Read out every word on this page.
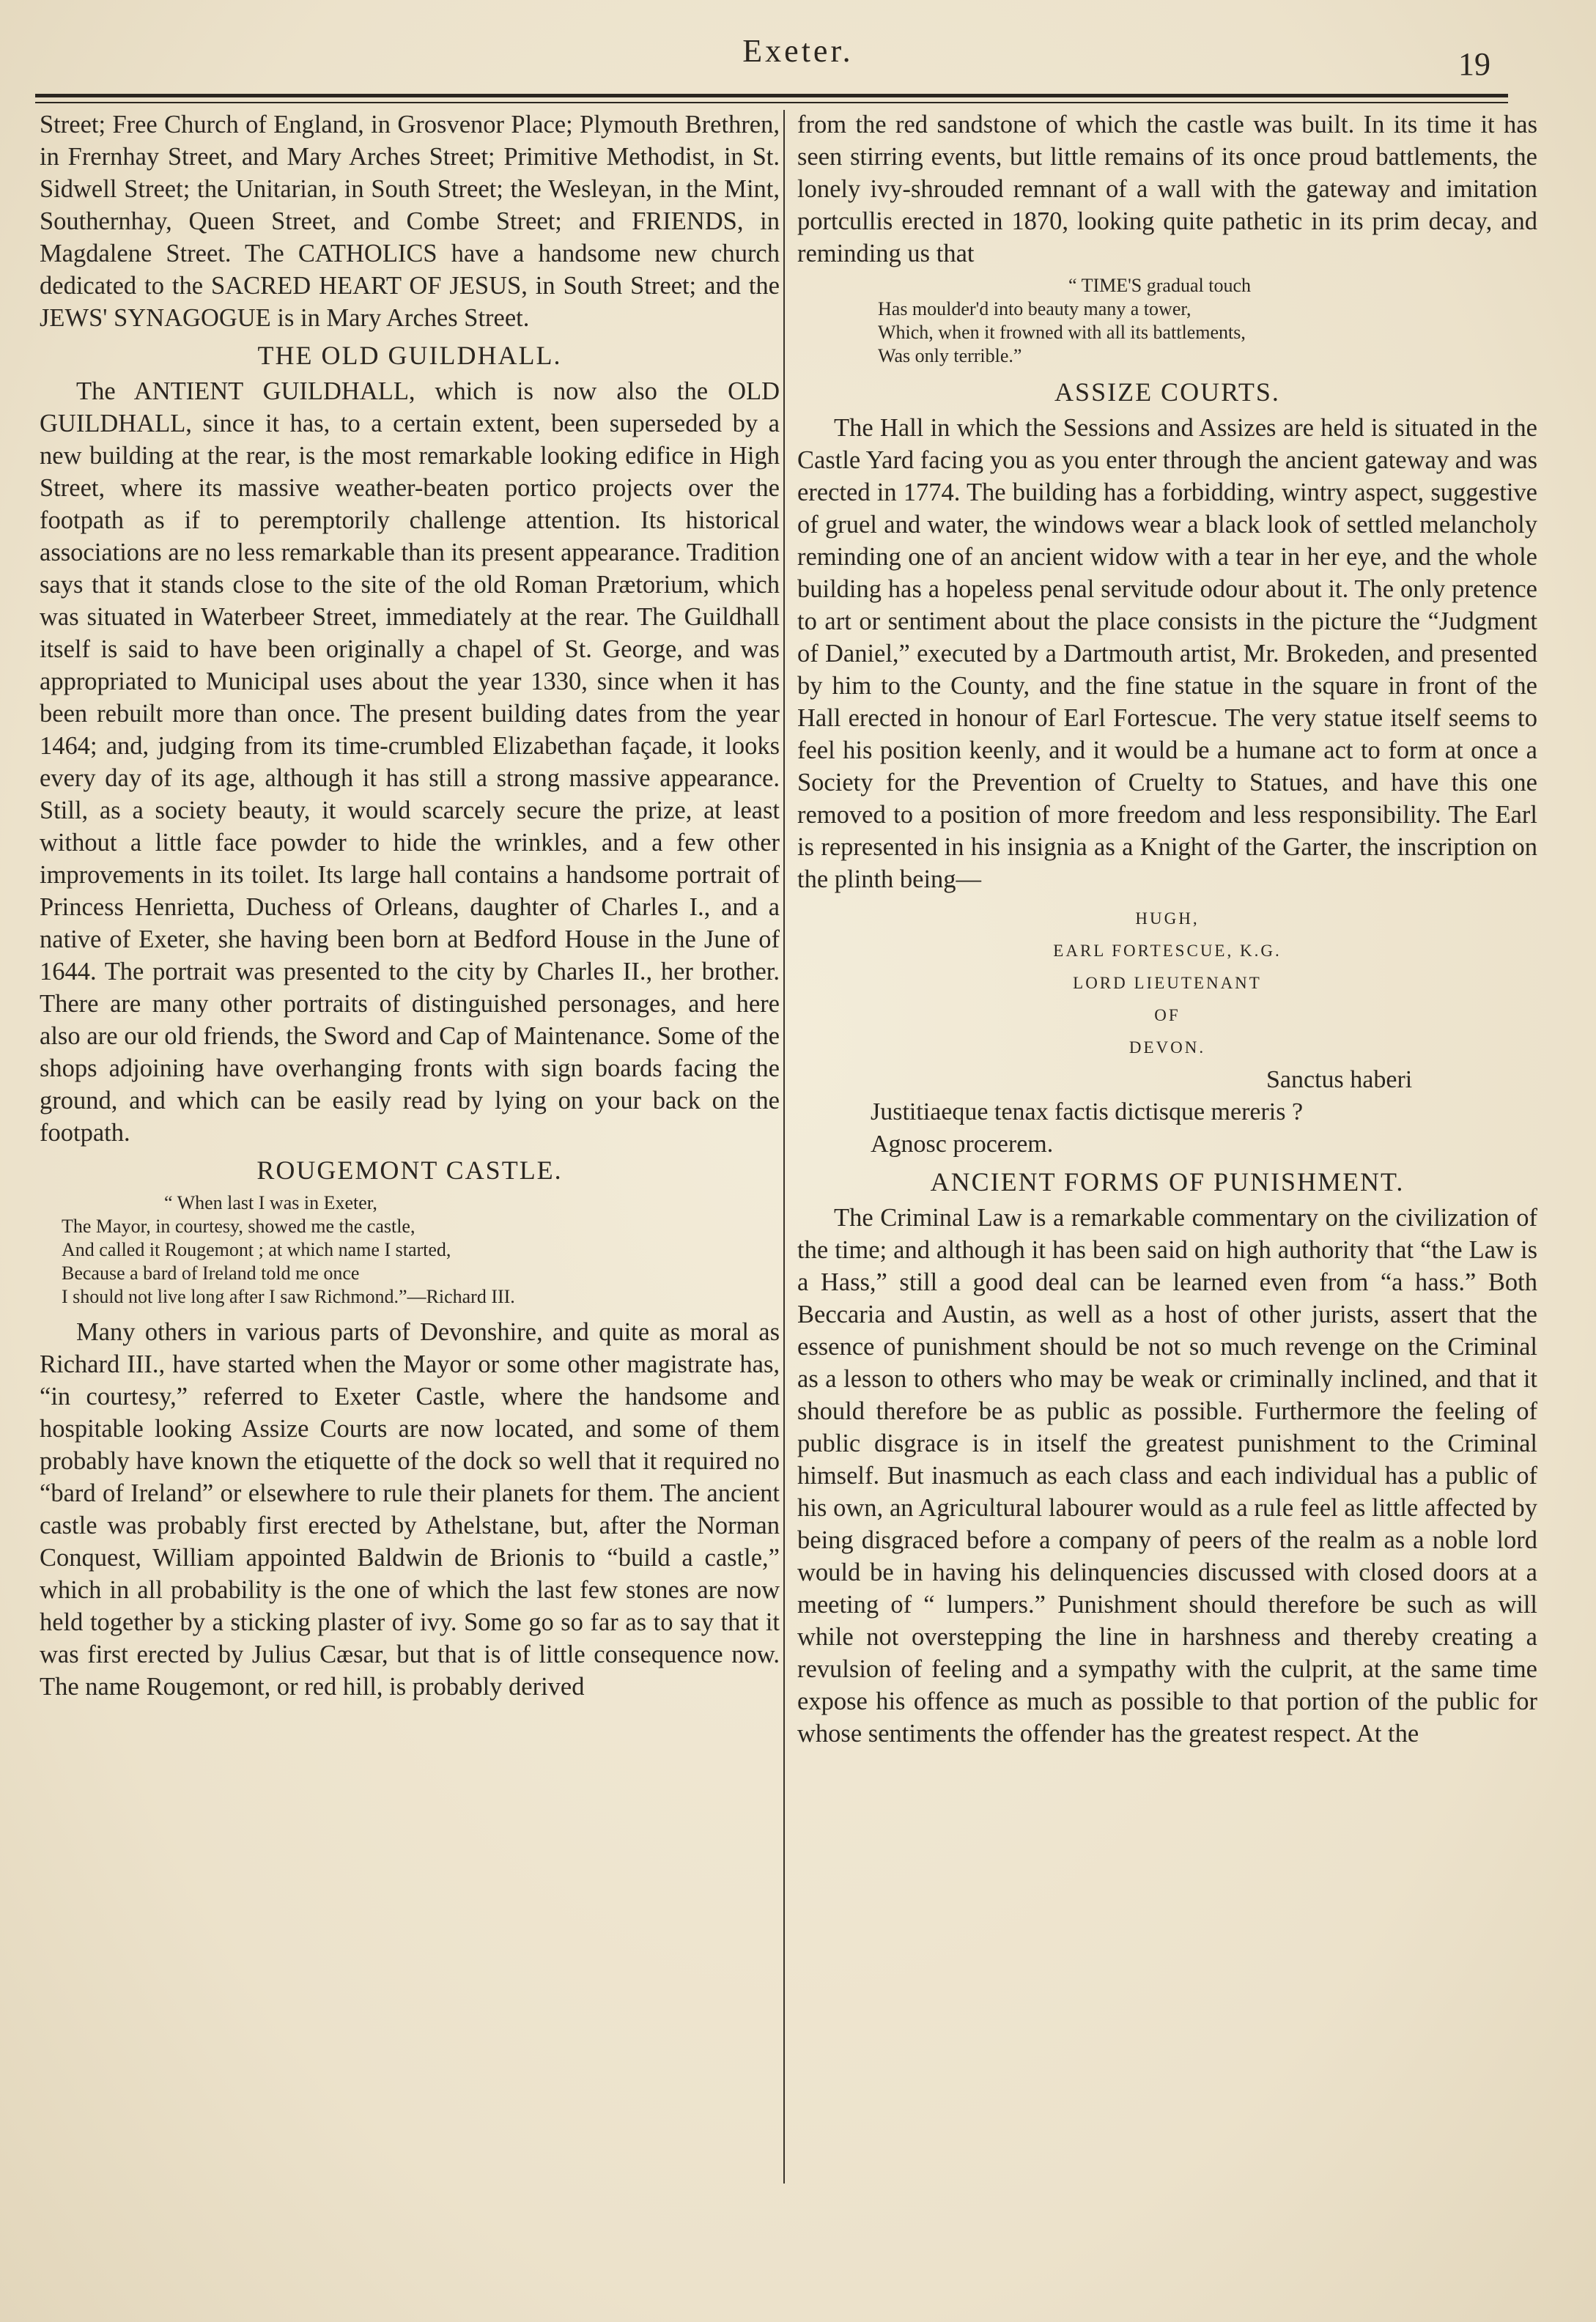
Exeter.	19

Street; Free Church of England, in Grosvenor Place; Plymouth Brethren, in Frernhay Street, and Mary Arches Street; Primitive Methodist, in St. Sidwell Street; the Unitarian, in South Street; the Wesleyan, in the Mint, Southernhay, Queen Street, and Combe Street; and FRIENDS, in Magdalene Street. The CATHOLICS have a handsome new church dedicated to the SACRED HEART OF JESUS, in South Street; and the JEWS' SYNAGOGUE is in Mary Arches Street.

THE OLD GUILDHALL.

The ANTIENT GUILDHALL, which is now also the OLD GUILDHALL, since it has, to a certain extent, been superseded by a new building at the rear, is the most remarkable looking edifice in High Street, where its massive weather-beaten portico projects over the footpath as if to peremptorily challenge attention. Its historical associations are no less remarkable than its present appearance. Tradition says that it stands close to the site of the old Roman Prætorium, which was situated in Waterbeer Street, immediately at the rear. The Guildhall itself is said to have been originally a chapel of St. George, and was appropriated to Municipal uses about the year 1330, since when it has been rebuilt more than once. The present building dates from the year 1464; and, judging from its time-crumbled Elizabethan façade, it looks every day of its age, although it has still a strong massive appearance. Still, as a society beauty, it would scarcely secure the prize, at least without a little face powder to hide the wrinkles, and a few other improvements in its toilet. Its large hall contains a handsome portrait of Princess Henrietta, Duchess of Orleans, daughter of Charles I., and a native of Exeter, she having been born at Bedford House in the June of 1644. The portrait was presented to the city by Charles II., her brother. There are many other portraits of distinguished personages, and here also are our old friends, the Sword and Cap of Maintenance. Some of the shops adjoining have overhanging fronts with sign boards facing the ground, and which can be easily read by lying on your back on the footpath.

ROUGEMONT CASTLE.
“ When last I was in Exeter,
The Mayor, in courtesy, showed me the castle,
And called it Rougemont ; at which name I started,
Because a bard of Ireland told me once
I should not live long after I saw Richmond.”—Richard III.

Many others in various parts of Devonshire, and quite as moral as Richard III., have started when the Mayor or some other magistrate has, “in courtesy,” referred to Exeter Castle, where the handsome and hospitable looking Assize Courts are now located, and some of them probably have known the etiquette of the dock so well that it required no “bard of Ireland” or elsewhere to rule their planets for them. The ancient castle was probably first erected by Athelstane, but, after the Norman Conquest, William appointed Baldwin de Brionis to “build a castle,” which in all probability is the one of which the last few stones are now held together by a sticking plaster of ivy. Some go so far as to say that it was first erected by Julius Cæsar, but that is of little consequence now. The name Rougemont, or red hill, is probably derived

from the red sandstone of which the castle was built. In its time it has seen stirring events, but little remains of its once proud battlements, the lonely ivy-shrouded remnant of a wall with the gateway and imitation portcullis erected in 1870, looking quite pathetic in its prim decay, and reminding us that

“ TIME'S gradual touch
Has moulder'd into beauty many a tower,
Which, when it frowned with all its battlements,
Was only terrible.”
ASSIZE COURTS.

The Hall in which the Sessions and Assizes are held is situated in the Castle Yard facing you as you enter through the ancient gateway and was erected in 1774. The building has a forbidding, wintry aspect, suggestive of gruel and water, the windows wear a black look of settled melancholy reminding one of an ancient widow with a tear in her eye, and the whole building has a hopeless penal servitude odour about it. The only pretence to art or sentiment about the place consists in the picture the “Judgment of Daniel,” executed by a Dartmouth artist, Mr. Brokeden, and presented by him to the County, and the fine statue in the square in front of the Hall erected in honour of Earl Fortescue. The very statue itself seems to feel his position keenly, and it would be a humane act to form at once a Society for the Prevention of Cruelty to Statues, and have this one removed to a position of more freedom and less responsibility. The Earl is represented in his insignia as a Knight of the Garter, the inscription on the plinth being—

HUGH,
EARL FORTESCUE, K.G.
LORD LIEUTENANT
OF
DEVON.
Sanctus haberi
Justitiaeque tenax factis dictisque mereris ?
Agnosc procerem.
ANCIENT FORMS OF PUNISHMENT.

The Criminal Law is a remarkable commentary on the civilization of the time; and although it has been said on high authority that “the Law is a Hass,” still a good deal can be learned even from “a hass.” Both Beccaria and Austin, as well as a host of other jurists, assert that the essence of punishment should be not so much revenge on the Criminal as a lesson to others who may be weak or criminally inclined, and that it should therefore be as public as possible. Furthermore the feeling of public disgrace is in itself the greatest punishment to the Criminal himself. But inasmuch as each class and each individual has a public of his own, an Agricultural labourer would as a rule feel as little affected by being disgraced before a company of peers of the realm as a noble lord would be in having his delinquencies discussed with closed doors at a meeting of “ lumpers.” Punishment should therefore be such as will while not overstepping the line in harshness and thereby creating a revulsion of feeling and a sympathy with the culprit, at the same time expose his offence as much as possible to that portion of the public for whose sentiments the offender has the greatest respect. At the
